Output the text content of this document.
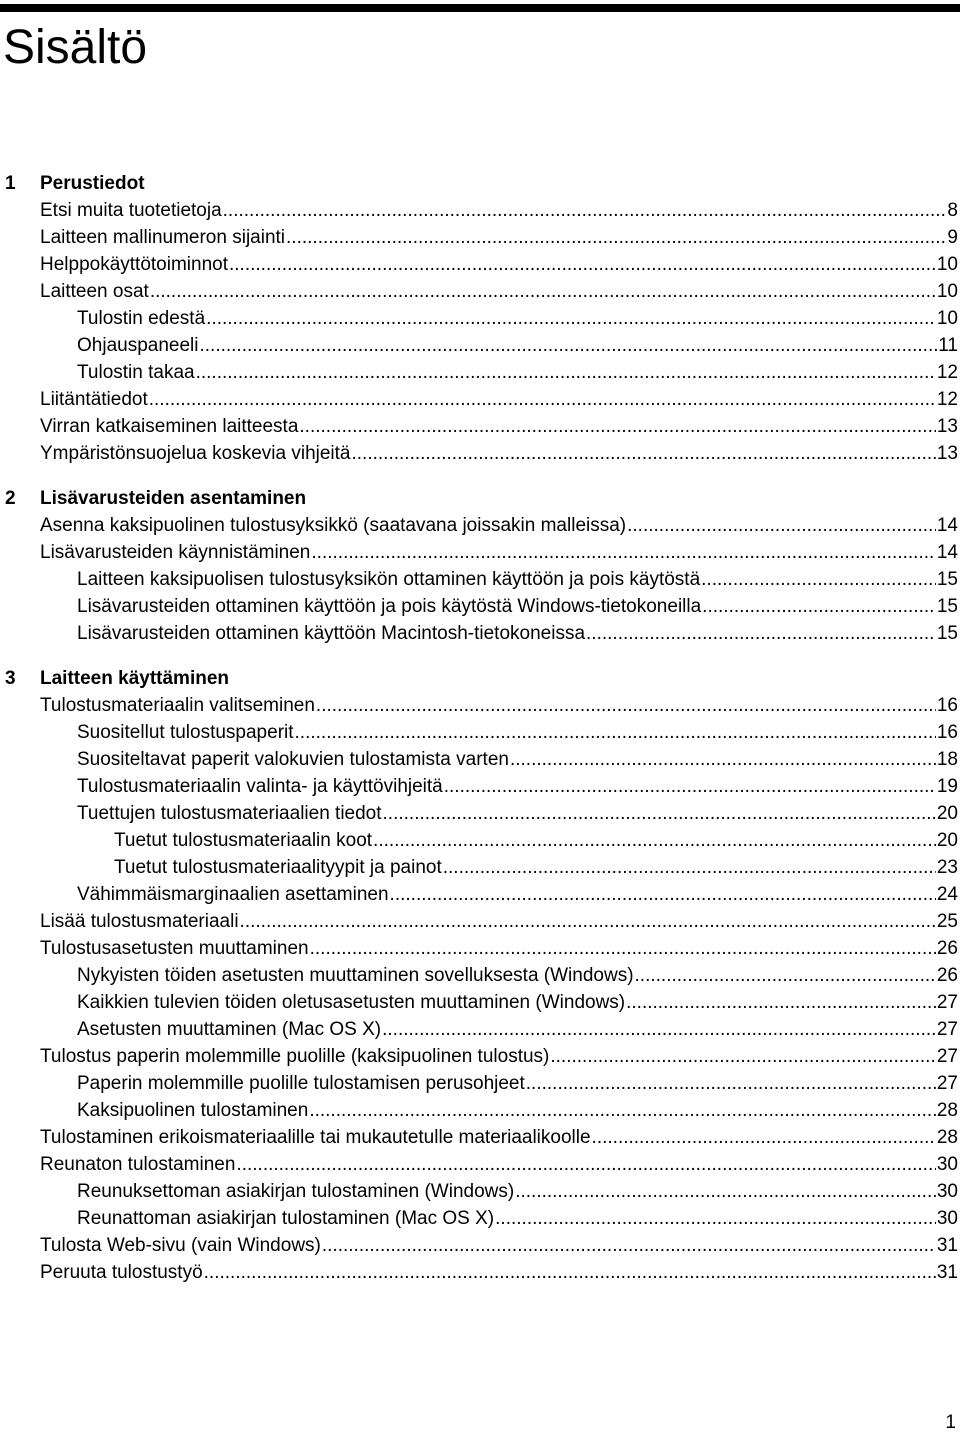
Sisältö
1 Perustiedot
Etsi muita tuotetietoja .....	8
Laitteen mallinumeron sijainti .....	9
Helppokäyttötoiminnot .....	10
Laitteen osat .....	10
Tulostin edestä .....	10
Ohjauspaneeli .....	11
Tulostin takaa .....	12
Liitäntätiedot .....	12
Virran katkaiseminen laitteesta .....	13
Ympäristönsuojelua koskevia vihjeitä .....	13
2 Lisävarusteiden asentaminen
Asenna kaksipuolinen tulostusyksikkö (saatavana joissakin malleissa) .....	14
Lisävarusteiden käynnistäminen .....	14
Laitteen kaksipuolisen tulostusyksikön ottaminen käyttöön ja pois käytöstä .....	15
Lisävarusteiden ottaminen käyttöön ja pois käytöstä Windows-tietokoneilla .....	15
Lisävarusteiden ottaminen käyttöön Macintosh-tietokoneissa .....	15
3 Laitteen käyttäminen
Tulostusmateriaalin valitseminen .....	16
Suositellut tulostuspaperit .....	16
Suositeltavat paperit valokuvien tulostamista varten .....	18
Tulostusmateriaalin valinta- ja käyttövihjeitä .....	19
Tuettujen tulostusmateriaalien tiedot .....	20
Tuetut tulostusmateriaalin koot .....	20
Tuetut tulostusmateriaalityypit ja painot .....	23
Vähimmäismarginaalien asettaminen .....	24
Lisää tulostusmateriaali .....	25
Tulostusasetusten muuttaminen .....	26
Nykyisten töiden asetusten muuttaminen sovelluksesta (Windows) .....	26
Kaikkien tulevien töiden oletusasetusten muuttaminen (Windows) .....	27
Asetusten muuttaminen (Mac OS X) .....	27
Tulostus paperin molemmille puolille (kaksipuolinen tulostus) .....	27
Paperin molemmille puolille tulostamisen perusohjeet .....	27
Kaksipuolinen tulostaminen .....	28
Tulostaminen erikoismateriaalille tai mukautetulle materiaalikoolle .....	28
Reunaton tulostaminen .....	30
Reunuksettoman asiakirjan tulostaminen (Windows) .....	30
Reunattoman asiakirjan tulostaminen (Mac OS X) .....	30
Tulosta Web-sivu (vain Windows) .....	31
Peruuta tulostustyö .....	31
1
